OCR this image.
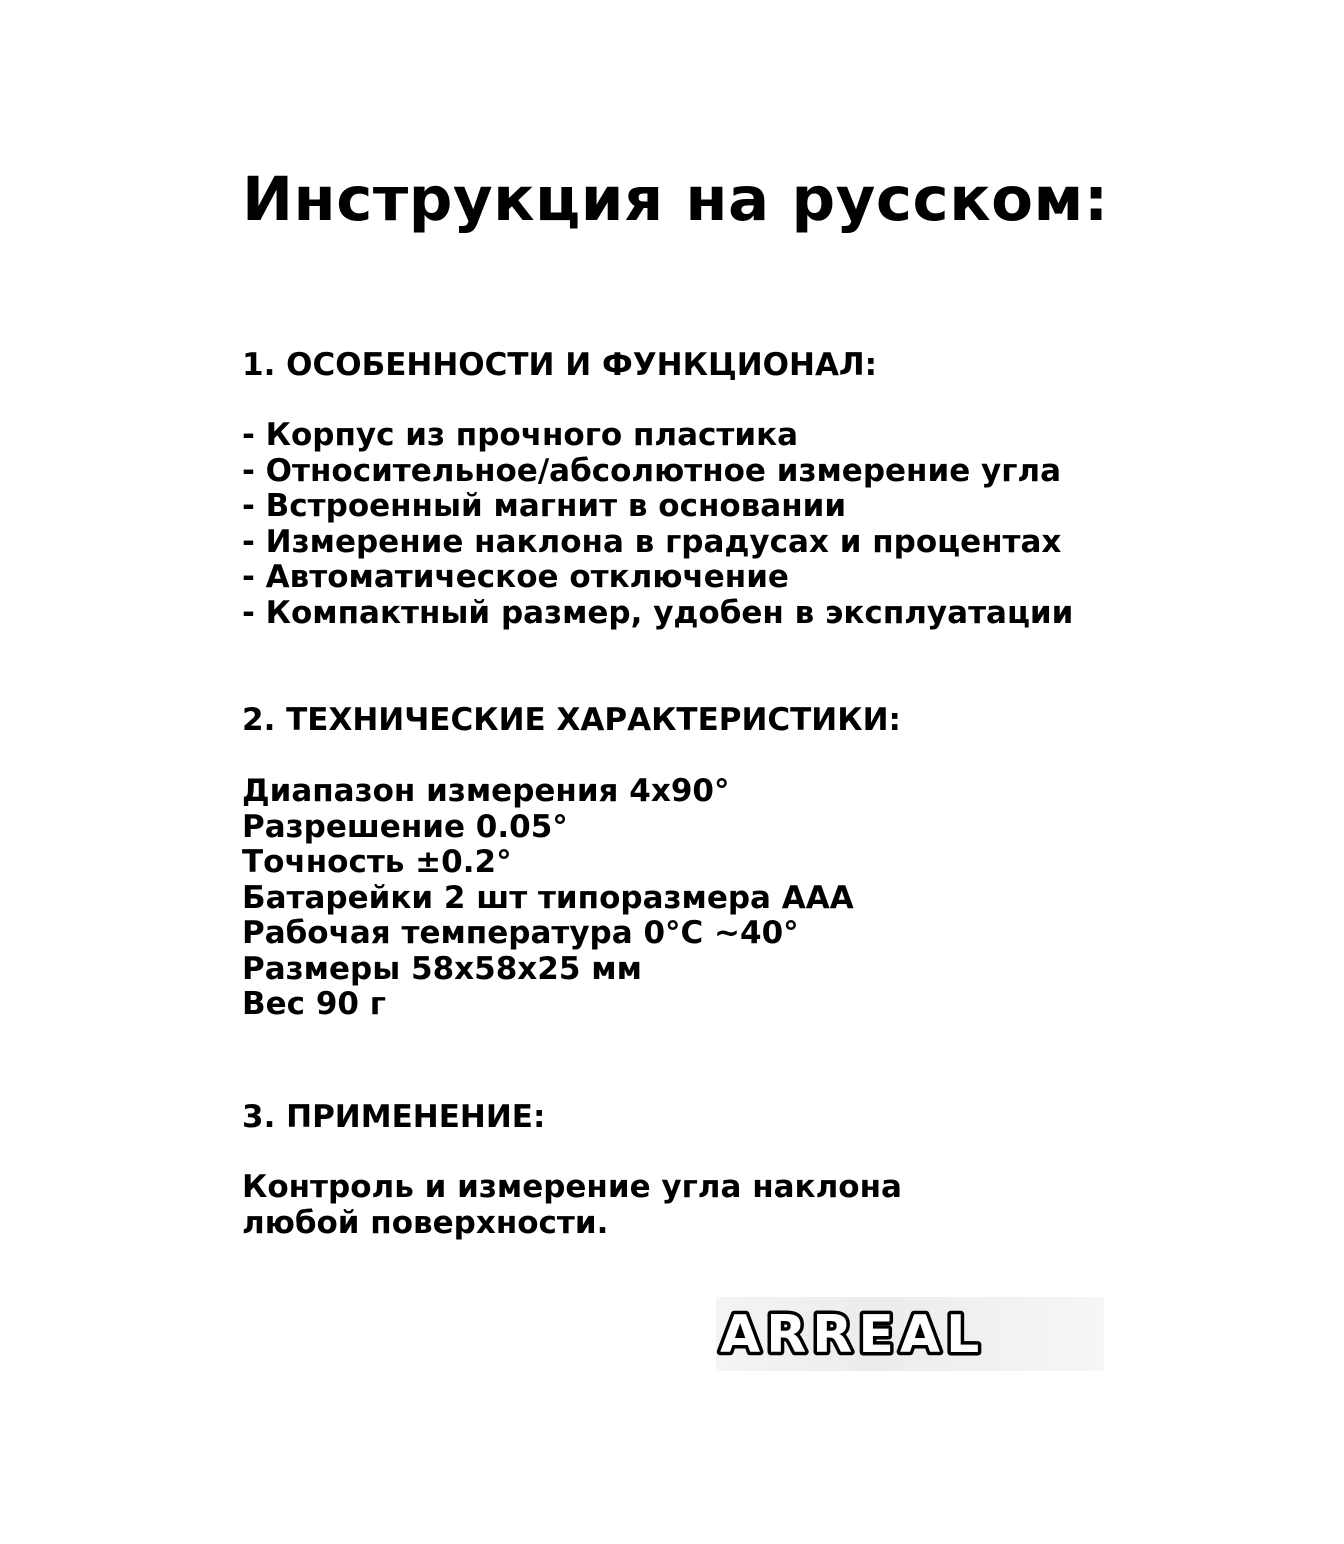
Инструкция на русском:
1. ОСОБЕННОСТИ И ФУНКЦИОНАЛ:
- Корпус из прочного пластика
- Относительное/абсолютное измерение угла
- Встроенный магнит в основании
- Измерение наклона в градусах и процентах
- Автоматическое отключение
- Компактный размер, удобен в эксплуатации
2. ТЕХНИЧЕСКИЕ ХАРАКТЕРИСТИКИ:
Диапазон измерения 4x90°
Разрешение 0.05°
Точность ±0.2°
Батарейки 2 шт типоразмера AAA
Рабочая температура 0°C ~40°
Размеры 58x58x25 мм
Вес 90 г
3. ПРИМЕНЕНИЕ:
Контроль и измерение угла наклона
любой поверхности.
ARREAL
